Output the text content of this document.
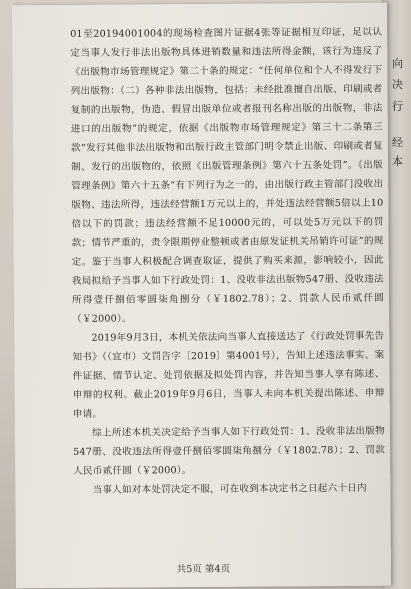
向
决
行
经
本

01至20194001004的现场检查图片证据4张等证据相互印证，足以认定当事人发行非法出版物具体进销数量和违法所得金额，该行为违反了《出版物市场管理规定》第二十条的规定：“任何单位和个人不得发行下列出版物：（二）各种非法出版物，包括：未经批准擅自出版、印刷或者复制的出版物，伪造、假冒出版单位或者报刊名称出版的出版物，非法进口的出版物”的规定，依据《出版物市场管理规定》第三十二条第三款“发行其他非法出版物和出版行政主管部门明令禁止出版、印刷或者复制、发行的出版物的，依照《出版管理条例》第六十五条处罚”。《出版管理条例》第六十五条“有下列行为之一的，由出版行政主管部门没收出版物、违法所得，违法经营额1万元以上的，并处违法经营额5倍以上10倍以下的罚款；违法经营额不足10000元的，可以处5万元以下的罚款；情节严重的，责令限期停业整顿或者由原发证机关吊销许可证”的规定。鉴于当事人积极配合调查取证，提供了购买来源，影响较小，因此我局拟给予当事人如下行政处罚：1、没收非法出版物547册、没收违法所得壹仟捌佰零圆柒角捌分（￥1802.78）；2、罚款人民币贰仟圆（￥2000）。

2019年9月3日，本机关依法向当事人直接送达了《行政处罚事先告知书》（（宜市）文罚告字〔2019〕第4001号），告知上述违法事实、案件证据、情节认定、处罚依据及拟处罚内容，并告知当事人享有陈述、申辩的权利。截止2019年9月6日，当事人未向本机关提出陈述、申辩申请。

综上所述本机关决定给予当事人如下行政处罚：1、没收非法出版物547册、没收违法所得壹仟捌佰零圆柒角捌分（￥1802.78）；2、罚款人民币贰仟圆（￥2000）。

当事人如对本处罚决定不服，可在收到本决定书之日起六十日内

共5页 第4页
